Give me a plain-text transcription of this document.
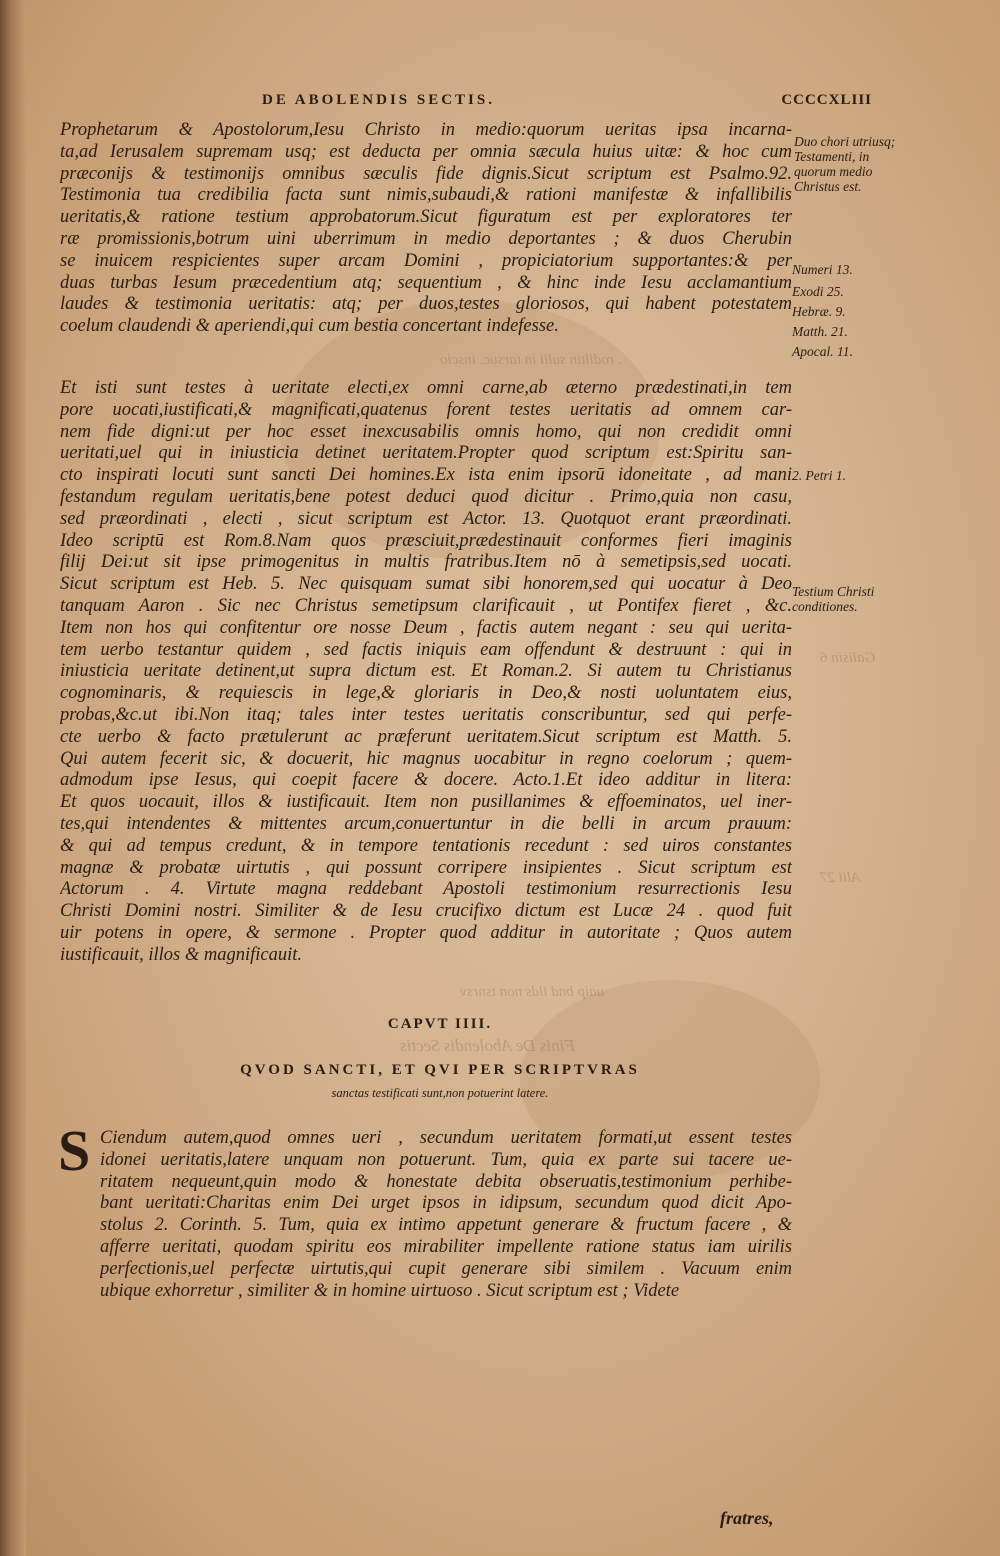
. rodiltin sulli in tarsuc. inscio
uaip bnd ilds non tsnrsv
Finis De Abolendis Sectis
Galisin 6
Alii 27
DE ABOLENDIS SECTIS.	CCCCXLIII
Prophetarum & Apostolorum,Iesu Christo in medio:quorum ueritas ipsa incarna-
ta,ad Ierusalem supremam usq; est deducta per omnia sæcula huius uitæ: & hoc cum
præconijs & testimonijs omnibus sæculis fide dignis.Sicut scriptum est Psalmo.92.
Testimonia tua credibilia facta sunt nimis,subaudi,& rationi manifestæ & infallibilis
ueritatis,& ratione testium approbatorum.Sicut figuratum est per exploratores ter
ræ promissionis,botrum uini uberrimum in medio deportantes ; & duos Cherubin
se inuicem respicientes super arcam Domini , propiciatorium supportantes:& per
duas turbas Iesum præcedentium atq; sequentium , & hinc inde Iesu acclamantium
laudes & testimonia ueritatis: atq; per duos,testes gloriosos, qui habent potestatem
coelum claudendi & aperiendi,qui cum bestia concertant indefesse.
Et isti sunt testes à ueritate electi,ex omni carne,ab æterno prædestinati,in tem
pore uocati,iustificati,& magnificati,quatenus forent testes ueritatis ad omnem car-
nem fide digni:ut per hoc esset inexcusabilis omnis homo, qui non credidit omni
ueritati,uel qui in iniusticia detinet ueritatem.Propter quod scriptum est:Spiritu san-
cto inspirati locuti sunt sancti Dei homines.Ex ista enim ipsorū idoneitate , ad mani
festandum regulam ueritatis,bene potest deduci quod dicitur . Primo,quia non casu,
sed præordinati , electi , sicut scriptum est Actor. 13. Quotquot erant præordinati.
Ideo scriptū est Rom.8.Nam quos præsciuit,prædestinauit conformes fieri imaginis
filij Dei:ut sit ipse primogenitus in multis fratribus.Item nō à semetipsis,sed uocati.
Sicut scriptum est Heb. 5. Nec quisquam sumat sibi honorem,sed qui uocatur à Deo
tanquam Aaron . Sic nec Christus semetipsum clarificauit , ut Pontifex fieret , &c.
Item non hos qui confitentur ore nosse Deum , factis autem negant : seu qui uerita-
tem uerbo testantur quidem , sed factis iniquis eam offendunt & destruunt : qui in
iniusticia ueritate detinent,ut supra dictum est. Et Roman.2. Si autem tu Christianus
cognominaris, & requiescis in lege,& gloriaris in Deo,& nosti uoluntatem eius,
probas,&c.ut ibi.Non itaq; tales inter testes ueritatis conscribuntur, sed qui perfe-
cte uerbo & facto prætulerunt ac præferunt ueritatem.Sicut scriptum est Matth. 5.
Qui autem fecerit sic, & docuerit, hic magnus uocabitur in regno coelorum ; quem-
admodum ipse Iesus, qui coepit facere & docere. Acto.1.Et ideo additur in litera:
Et quos uocauit, illos & iustificauit. Item non pusillanimes & effoeminatos, uel iner-
tes,qui intendentes & mittentes arcum,conuertuntur in die belli in arcum prauum:
& qui ad tempus credunt, & in tempore tentationis recedunt : sed uiros constantes
magnæ & probatæ uirtutis , qui possunt corripere insipientes . Sicut scriptum est
Actorum . 4. Virtute magna reddebant Apostoli testimonium resurrectionis Iesu
Christi Domini nostri. Similiter & de Iesu crucifixo dictum est Lucæ 24 . quod fuit
uir potens in opere, & sermone . Propter quod additur in autoritate ; Quos autem
iustificauit, illos & magnificauit.
Duo chori utriusq; Testamenti, in quorum medio Christus est.
Numeri 13.
Exodi 25.
Hebræ. 9.
Matth. 21.
Apocal. 11.
2. Petri 1.
Testium Christi conditiones.
CAPVT IIII.
QVOD SANCTI, ET QVI PER SCRIPTVRAS
sanctas testificati sunt,non potuerint latere.
S Ciendum autem,quod omnes ueri , secundum ueritatem formati,ut essent testes
idonei ueritatis,latere unquam non potuerunt. Tum, quia ex parte sui tacere ue-
ritatem nequeunt,quin modo & honestate debita obseruatis,testimonium perhibe-
bant ueritati:Charitas enim Dei urget ipsos in idipsum, secundum quod dicit Apo-
stolus 2. Corinth. 5. Tum, quia ex intimo appetunt generare & fructum facere , &
afferre ueritati, quodam spiritu eos mirabiliter impellente ratione status iam uirilis
perfectionis,uel perfectæ uirtutis,qui cupit generare sibi similem . Vacuum enim
ubique exhorretur , similiter & in homine uirtuoso . Sicut scriptum est ; Videte
fratres,
